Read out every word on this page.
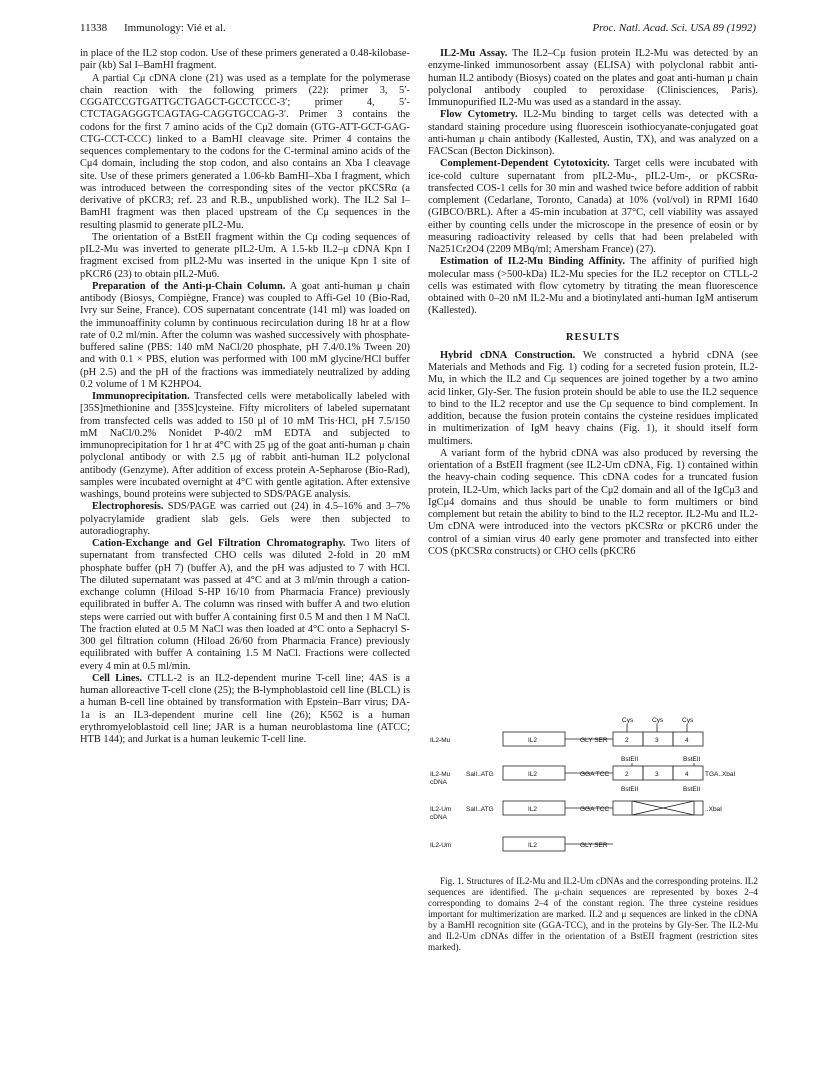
11338 Immunology: Vié et al.	Proc. Natl. Acad. Sci. USA 89 (1992)

in place of the IL2 stop codon. Use of these primers generated a 0.48-kilobase-pair (kb) Sal I–BamHI fragment.

A partial Cμ cDNA clone (21) was used as a template for the polymerase chain reaction with the following primers (22): primer 3, 5′-CGGATCCGTGATTGCTGAGCT-GCCTCCC-3′; primer 4, 5′-CTCTAGAGGGTCAGTAG-CAGGTGCCAG-3′. Primer 3 contains the codons for the first 7 amino acids of the Cμ2 domain (GTG-ATT-GCT-GAG-CTG-CCT-CCC) linked to a BamHI cleavage site. Primer 4 contains the sequences complementary to the codons for the C-terminal amino acids of the Cμ4 domain, including the stop codon, and also contains an Xba I cleavage site. Use of these primers generated a 1.06-kb BamHI–Xba I fragment, which was introduced between the corresponding sites of the vector pKCSRα (a derivative of pKCR3; ref. 23 and R.B., unpublished work). The IL2 Sal I–BamHI fragment was then placed upstream of the Cμ sequences in the resulting plasmid to generate pIL2-Mu.

The orientation of a BstEII fragment within the Cμ coding sequences of pIL2-Mu was inverted to generate pIL2-Um. A 1.5-kb IL2–μ cDNA Kpn I fragment excised from pIL2-Mu was inserted in the unique Kpn I site of pKCR6 (23) to obtain pIL2-Mu6.

Preparation of the Anti-μ-Chain Column. A goat anti-human μ chain antibody (Biosys, Compiègne, France) was coupled to Affi-Gel 10 (Bio-Rad, Ivry sur Seine, France). COS supernatant concentrate (141 ml) was loaded on the immunoaffinity column by continuous recirculation during 18 hr at a flow rate of 0.2 ml/min. After the column was washed successively with phosphate-buffered saline (PBS: 140 mM NaCl/20 phosphate, pH 7.4/0.1% Tween 20) and with 0.1 × PBS, elution was performed with 100 mM glycine/HCl buffer (pH 2.5) and the pH of the fractions was immediately neutralized by adding 0.2 volume of 1 M K2HPO4.

Immunoprecipitation. Transfected cells were metabolically labeled with [35S]methionine and [35S]cysteine. Fifty microliters of labeled supernatant from transfected cells was added to 150 μl of 10 mM Tris·HCl, pH 7.5/150 mM NaCl/0.2% Nonidet P-40/2 mM EDTA and subjected to immunoprecipitation for 1 hr at 4°C with 25 μg of the goat anti-human μ chain polyclonal antibody or with 2.5 μg of rabbit anti-human IL2 polyclonal antibody (Genzyme). After addition of excess protein A-Sepharose (Bio-Rad), samples were incubated overnight at 4°C with gentle agitation. After extensive washings, bound proteins were subjected to SDS/PAGE analysis.

Electrophoresis. SDS/PAGE was carried out (24) in 4.5–16% and 3–7% polyacrylamide gradient slab gels. Gels were then subjected to autoradiography.

Cation-Exchange and Gel Filtration Chromatography. Two liters of supernatant from transfected CHO cells was diluted 2-fold in 20 mM phosphate buffer (pH 7) (buffer A), and the pH was adjusted to 7 with HCl. The diluted supernatant was passed at 4°C and at 3 ml/min through a cation-exchange column (Hiload S-HP 16/10 from Pharmacia France) previously equilibrated in buffer A. The column was rinsed with buffer A and two elution steps were carried out with buffer A containing first 0.5 M and then 1 M NaCl. The fraction eluted at 0.5 M NaCl was then loaded at 4°C onto a Sephacryl S-300 gel filtration column (Hiload 26/60 from Pharmacia France) previously equilibrated with buffer A containing 1.5 M NaCl. Fractions were collected every 4 min at 0.5 ml/min.

Cell Lines. CTLL-2 is an IL2-dependent murine T-cell line; 4AS is a human alloreactive T-cell clone (25); the B-lymphoblastoid cell line (BLCL) is a human B-cell line obtained by transformation with Epstein–Barr virus; DA-1a is an IL3-dependent murine cell line (26); K562 is a human erythromyeloblastoid cell line; JAR is a human neuroblastoma line (ATCC; HTB 144); and Jurkat is a human leukemic T-cell line.

IL2-Mu Assay. The IL2–Cμ fusion protein IL2-Mu was detected by an enzyme-linked immunosorbent assay (ELISA) with polyclonal rabbit anti-human IL2 antibody (Biosys) coated on the plates and goat anti-human μ chain polyclonal antibody coupled to peroxidase (Clinisciences, Paris). Immunopurified IL2-Mu was used as a standard in the assay.

Flow Cytometry. IL2-Mu binding to target cells was detected with a standard staining procedure using fluorescein isothiocyanate-conjugated goat anti-human μ chain antibody (Kallested, Austin, TX), and was analyzed on a FACScan (Becton Dickinson).

Complement-Dependent Cytotoxicity. Target cells were incubated with ice-cold culture supernatant from pIL2-Mu-, pIL2-Um-, or pKCSRα-transfected COS-1 cells for 30 min and washed twice before addition of rabbit complement (Cedarlane, Toronto, Canada) at 10% (vol/vol) in RPMI 1640 (GIBCO/BRL). After a 45-min incubation at 37°C, cell viability was assayed either by counting cells under the microscope in the presence of eosin or by measuring radioactivity released by cells that had been prelabeled with Na251Cr2O4 (2209 MBq/ml; Amersham France) (27).

Estimation of IL2-Mu Binding Affinity. The affinity of purified high molecular mass (>500-kDa) IL2-Mu species for the IL2 receptor on CTLL-2 cells was estimated with flow cytometry by titrating the mean fluorescence obtained with 0–20 nM IL2-Mu and a biotinylated anti-human IgM antiserum (Kallested).

RESULTS

Hybrid cDNA Construction. We constructed a hybrid cDNA (see Materials and Methods and Fig. 1) coding for a secreted fusion protein, IL2-Mu, in which the IL2 and Cμ sequences are joined together by a two amino acid linker, Gly-Ser. The fusion protein should be able to use the IL2 sequence to bind to the IL2 receptor and use the Cμ sequence to bind complement. In addition, because the fusion protein contains the cysteine residues implicated in multimerization of IgM heavy chains (Fig. 1), it should itself form multimers.

A variant form of the hybrid cDNA was also produced by reversing the orientation of a BstEII fragment (see IL2-Um cDNA, Fig. 1) contained within the heavy-chain coding sequence. This cDNA codes for a truncated fusion protein, IL2-Um, which lacks part of the Cμ2 domain and all of the IgCμ3 and IgCμ4 domains and thus should be unable to form multimers or bind complement but retain the ability to bind to the IL2 receptor. IL2-Mu and IL2-Um cDNA were introduced into the vectors pKCSRα or pKCR6 under the control of a simian virus 40 early gene promoter and transfected into either COS (pKCSRα constructs) or CHO cells (pKCR6

IL2-Mu
IL2-Mu
cDNA
IL2-Um
cDNA
IL2-Um
IL2	GLY SER	2	3	4
Cys	Cys	Cys
SalI..ATG	IL2	GGA TCC 2	3	4
BstEII	BstEII
TGA..XbaI
BstEII	BstEII
SalI..ATG	IL2	GGA TCC	..XbaI
IL2	GLY SER
Fig. 1. Structures of IL2-Mu and IL2-Um cDNAs and the corresponding proteins. IL2 sequences are identified. The μ-chain sequences are represented by boxes 2–4 corresponding to domains 2–4 of the constant region. The three cysteine residues important for multimerization are marked. IL2 and μ sequences are linked in the cDNA by a BamHI recognition site (GGA-TCC), and in the proteins by Gly-Ser. The IL2-Mu and IL2-Um cDNAs differ in the orientation of a BstEII fragment (restriction sites marked).
